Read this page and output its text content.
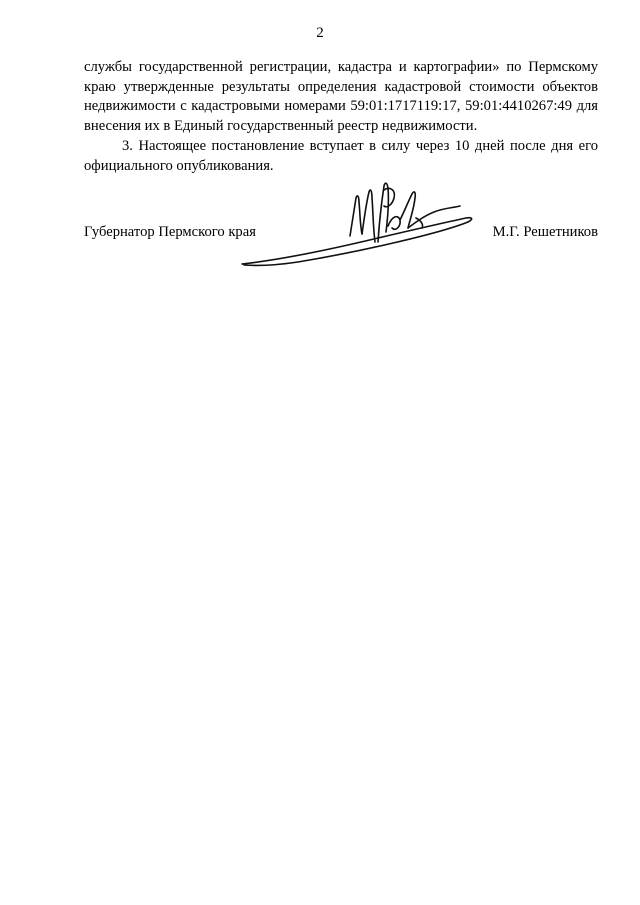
2

службы государственной регистрации, кадастра и картографии» по Пермскому краю утвержденные результаты определения кадастровой стоимости объектов недвижимости с кадастровыми номерами 59:01:1717119:17, 59:01:4410267:49 для внесения их в Единый государственный реестр недвижимости.

3. Настоящее постановление вступает в силу через 10 дней после дня его официального опубликования.

Губернатор Пермского края	М.Г. Решетников
